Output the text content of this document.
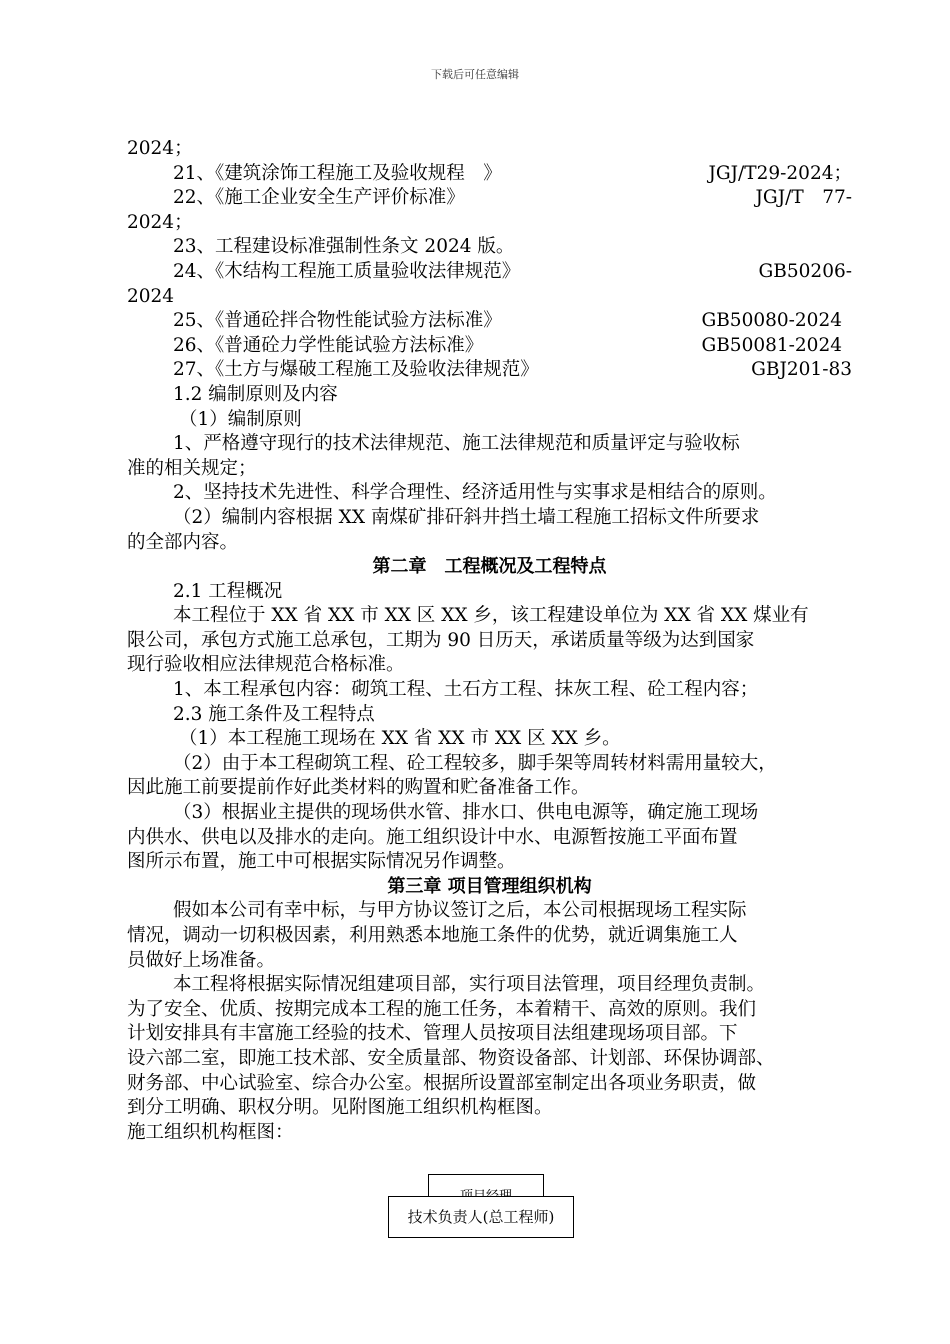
下载后可任意编辑
2024；
21、《建筑涂饰工程施工及验收规程　》	JGJ/T29-2024；
22、《施工企业安全生产评价标准》	JGJ/T　77-
2024；
23、工程建设标准强制性条文 2024 版。
24、《木结构工程施工质量验收法律规范》	GB50206-
2024
25、《普通砼拌合物性能试验方法标准》	GB50080-2024
26、《普通砼力学性能试验方法标准》	GB50081-2024
27、《土方与爆破工程施工及验收法律规范》	GBJ201-83
1.2 编制原则及内容
（1）编制原则
1、严格遵守现行的技术法律规范、施工法律规范和质量评定与验收标
准的相关规定；
2、坚持技术先进性、科学合理性、经济适用性与实事求是相结合的原则。
（2）编制内容根据 XX 南煤矿排矸斜井挡土墙工程施工招标文件所要求
的全部内容。
第二章　工程概况及工程特点
2.1 工程概况
本工程位于 XX 省 XX 市 XX 区 XX 乡，该工程建设单位为 XX 省 XX 煤业有
限公司，承包方式施工总承包，工期为 90 日历天，承诺质量等级为达到国家
现行验收相应法律规范合格标准。
1、本工程承包内容：砌筑工程、土石方工程、抹灰工程、砼工程内容；
2.3 施工条件及工程特点
（1）本工程施工现场在 XX 省 XX 市 XX 区 XX 乡。
（2）由于本工程砌筑工程、砼工程较多，脚手架等周转材料需用量较大，
因此施工前要提前作好此类材料的购置和贮备准备工作。
（3）根据业主提供的现场供水管、排水口、供电电源等，确定施工现场
内供水、供电以及排水的走向。施工组织设计中水、电源暂按施工平面布置
图所示布置，施工中可根据实际情况另作调整。
第三章 项目管理组织机构
假如本公司有幸中标，与甲方协议签订之后，本公司根据现场工程实际
情况，调动一切积极因素，利用熟悉本地施工条件的优势，就近调集施工人
员做好上场准备。
本工程将根据实际情况组建项目部，实行项目法管理，项目经理负责制。
为了安全、优质、按期完成本工程的施工任务，本着精干、高效的原则。我们
计划安排具有丰富施工经验的技术、管理人员按项目法组建现场项目部。下
设六部二室，即施工技术部、安全质量部、物资设备部、计划部、环保协调部、
财务部、中心试验室、综合办公室。根据所设置部室制定出各项业务职责，做
到分工明确、职权分明。见附图施工组织机构框图。
施工组织机构框图：
技术负责人(总工程师)
